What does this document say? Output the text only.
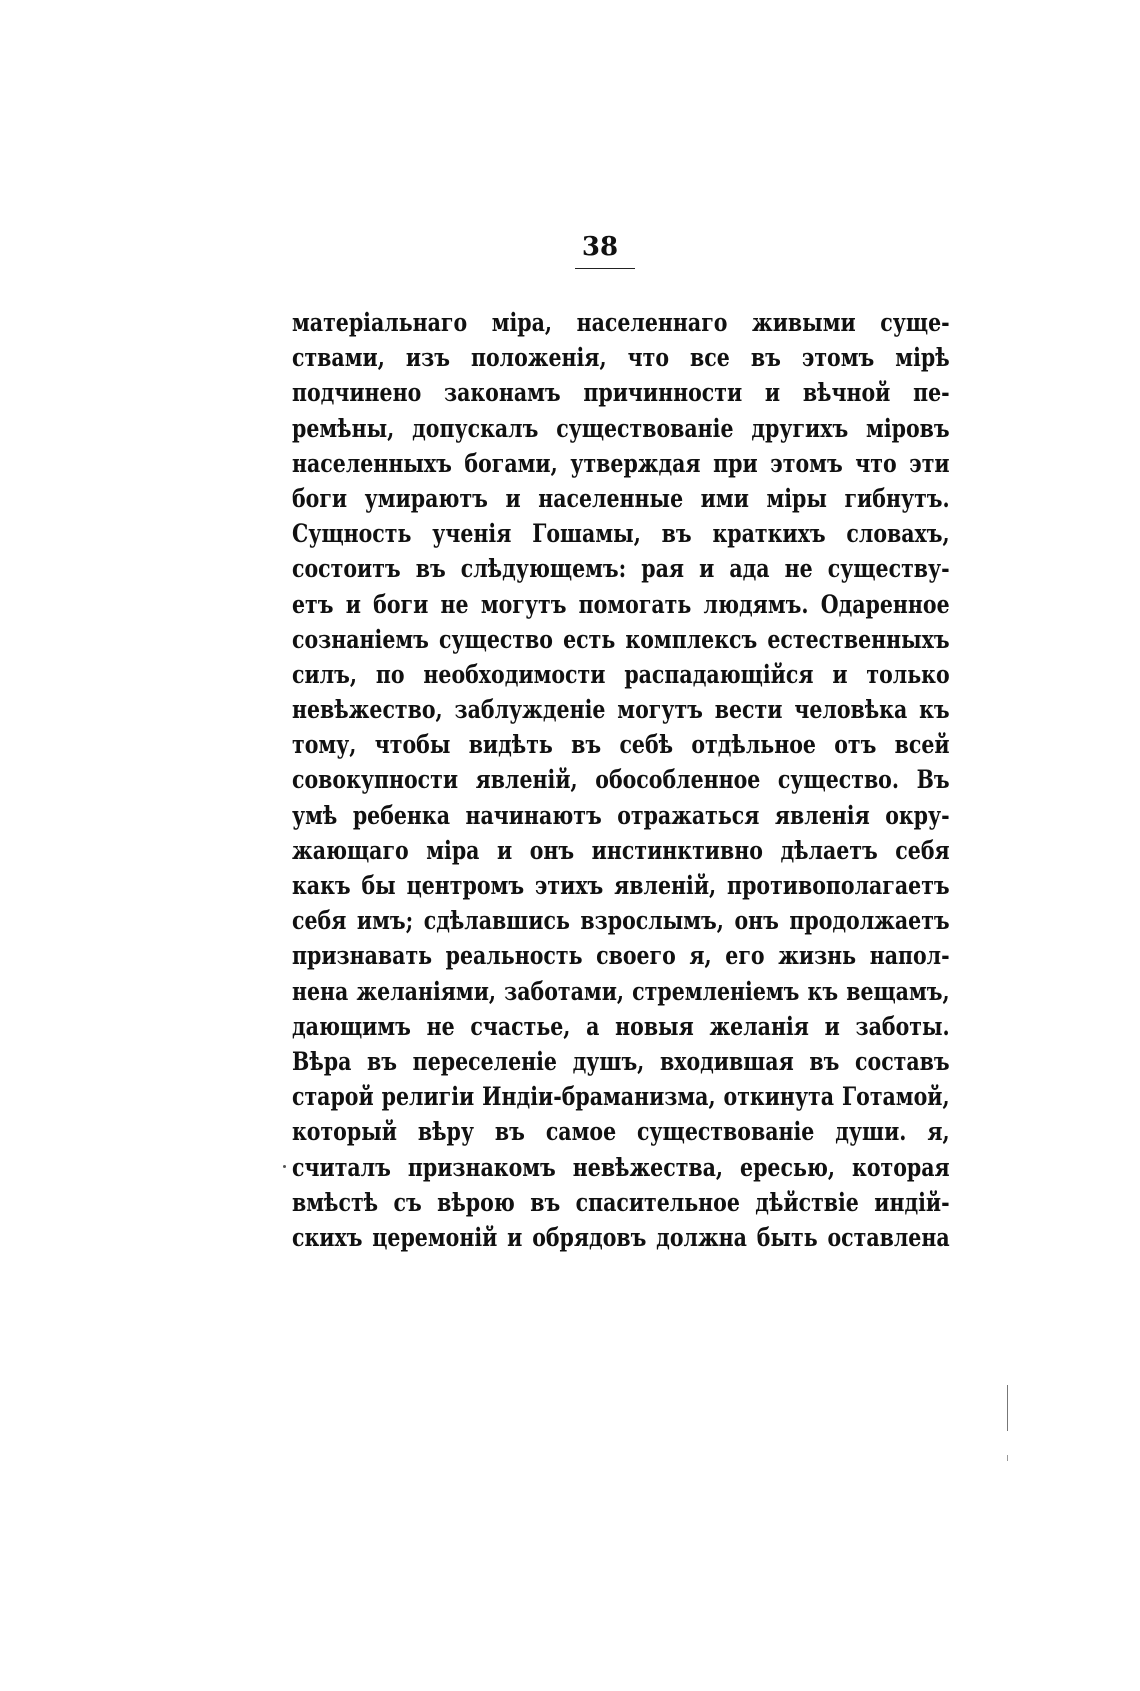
38
матеріальнаго міра, населеннаго живыми суще-
ствами, изъ положенія, что все въ этомъ мірѣ
подчинено законамъ причинности и вѣчной пе-
ремѣны, допускалъ существованіе другихъ міровъ
населенныхъ богами, утверждая при этомъ что эти
боги умираютъ и населенные ими міры гибнутъ.
Сущность ученія Гошамы, въ краткихъ словахъ,
состоитъ въ слѣдующемъ: рая и ада не существу-
етъ и боги не могутъ помогать людямъ. Одаренное
сознаніемъ существо есть комплексъ естественныхъ
силъ, по необходимости распадающійся и только
невѣжество, заблужденіе могутъ вести человѣка къ
тому, чтобы видѣть въ себѣ отдѣльное отъ всей
совокупности явленій, обособленное существо. Въ
умѣ ребенка начинаютъ отражаться явленія окру-
жающаго міра и онъ инстинктивно дѣлаетъ себя
какъ бы центромъ этихъ явленій, противополагаетъ
себя имъ; сдѣлавшись взрослымъ, онъ продолжаетъ
признавать реальность своего я, его жизнь напол-
нена желаніями, заботами, стремленіемъ къ вещамъ,
дающимъ не счастье, а новыя желанія и заботы.
Вѣра въ переселеніе душъ, входившая въ составъ
старой религіи Индіи-браманизма, откинута Готамой,
который вѣру въ самое существованіе души. я,
считалъ признакомъ невѣжества, ересью, которая
вмѣстѣ съ вѣрою въ спасительное дѣйствіе индій-
скихъ церемоній и обрядовъ должна быть оставлена
